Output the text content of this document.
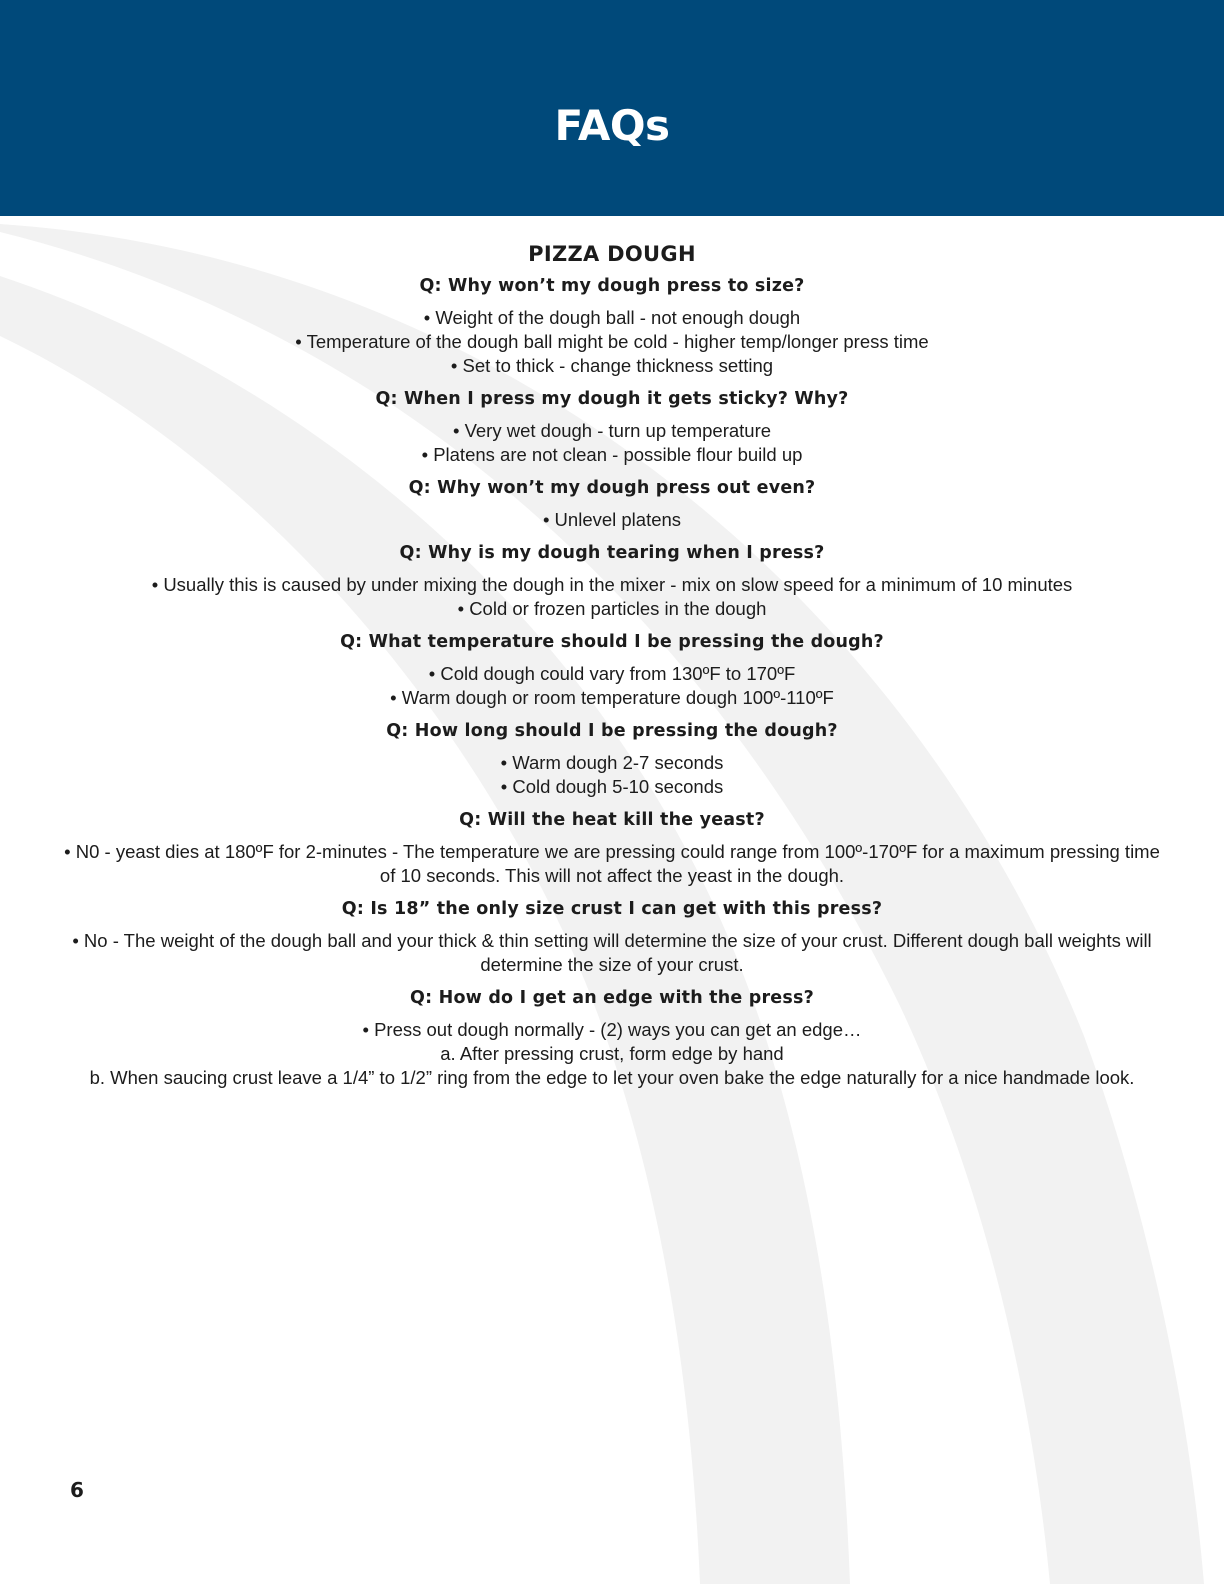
FAQs
PIZZA DOUGH
Q: Why won’t my dough press to size?
• Weight of the dough ball - not enough dough
• Temperature of the dough ball might be cold - higher temp/longer press time
• Set to thick - change thickness setting
Q: When I press my dough it gets sticky? Why?
• Very wet dough - turn up temperature
• Platens are not clean - possible flour build up
Q: Why won’t my dough press out even?
• Unlevel platens
Q: Why is my dough tearing when I press?
• Usually this is caused by under mixing the dough in the mixer - mix on slow speed for a minimum of 10 minutes
• Cold or frozen particles in the dough
Q: What temperature should I be pressing the dough?
• Cold dough could vary from 130ºF to 170ºF
• Warm dough or room temperature dough 100º-110ºF
Q: How long should I be pressing the dough?
• Warm dough 2-7 seconds
• Cold dough 5-10 seconds
Q: Will the heat kill the yeast?
• N0 - yeast dies at 180ºF for 2-minutes - The temperature we are pressing could range from 100º-170ºF for a maximum pressing time of 10 seconds. This will not affect the yeast in the dough.
Q: Is 18” the only size crust I can get with this press?
• No - The weight of the dough ball and your thick & thin setting will determine the size of your crust. Different dough ball weights will determine the size of your crust.
Q: How do I get an edge with the press?
• Press out dough normally - (2) ways you can get an edge…
a. After pressing crust, form edge by hand
b. When saucing crust leave a 1/4” to 1/2” ring from the edge to let your oven bake the edge naturally for a nice handmade look.
6
